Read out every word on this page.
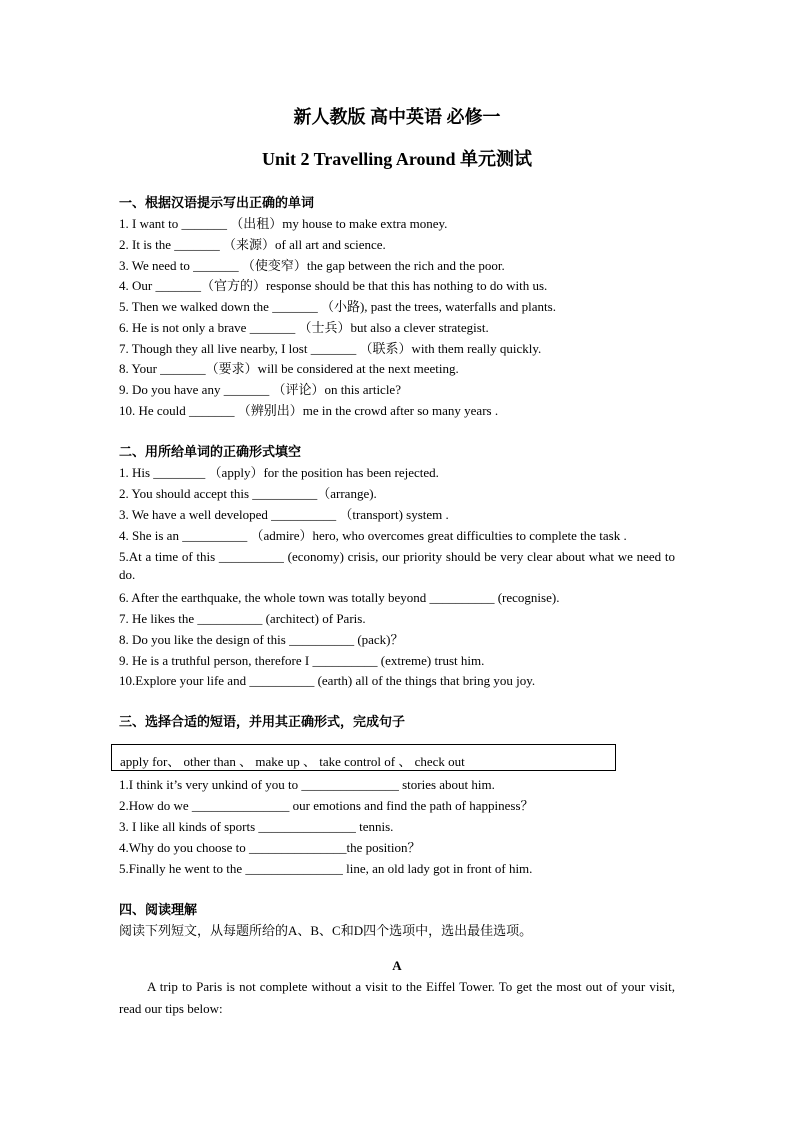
新人教版 高中英语 必修一
Unit 2 Travelling Around 单元测试
一、根据汉语提示写出正确的单词
1. I want to _______ （出租）my house to make extra money.
2. It is the _______ （来源）of all art and science.
3. We need to _______ （使变窄）the gap between the rich and the poor.
4. Our _______（官方的）response should be that this has nothing to do with us.
5. Then we walked down the _______ （小路), past the trees, waterfalls and plants.
6. He is not only a brave _______ （士兵）but also a clever strategist.
7. Though they all live nearby, I lost _______ （联系）with them really quickly.
8. Your _______（要求）will be considered at the next meeting.
9. Do you have any _______ （评论）on this article?
10. He could _______ （辨别出）me in the crowd after so many years .
二、用所给单词的正确形式填空
1. His ________ （apply）for the position has been rejected.
2. You should accept this __________（arrange).
3. We have a well developed __________ （transport) system .
4. She is an __________ （admire）hero, who overcomes great difficulties to complete the task .
5.At a time of this __________ (economy) crisis, our priority should be very clear about what we need to do.
6. After the earthquake, the whole town was totally beyond __________ (recognise).
7. He likes the __________ (architect) of Paris.
8. Do you like the design of this __________ (pack)？
9. He is a truthful person, therefore I __________ (extreme) trust him.
10.Explore your life and __________ (earth) all of the things that bring you joy.
三、选择合适的短语，并用其正确形式，完成句子
apply for、 other than 、 make up 、 take control of 、 check out
1.I think it’s very unkind of you to _______________ stories about him.
2.How do we _______________ our emotions and find the path of happiness？
3. I like all kinds of sports _______________ tennis.
4.Why do you choose to _______________the position？
5.Finally he went to the _______________ line, an old lady got in front of him.
四、阅读理解
阅读下列短文，从每题所给的A、B、C和D四个选项中，选出最佳选项。
A
A trip to Paris is not complete without a visit to the Eiffel Tower. To get the most out of your visit, read our tips below:
